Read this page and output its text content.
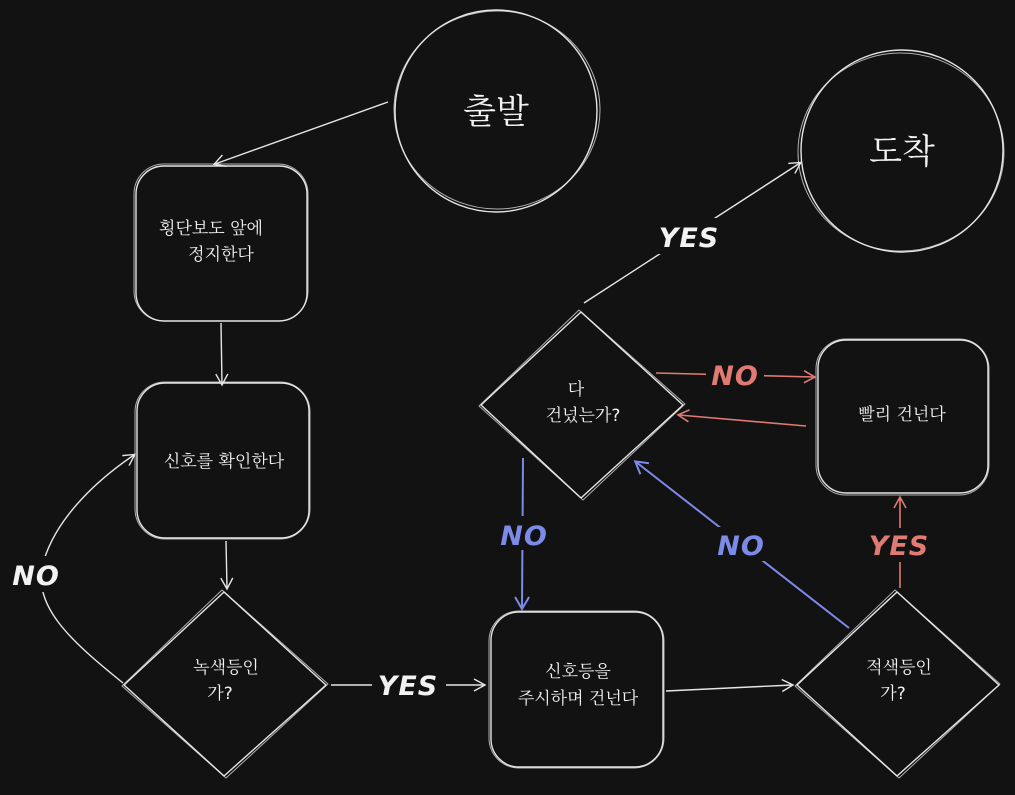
출발
도착
횡단보도 앞에
정지한다
신호를 확인한다
녹색등인
가?
신호등을
주시하며 건넌다
적색등인
가?
다
건넜는가?	빨리 건넌다
NO
YES
YES
NO
NO	NO	YES
